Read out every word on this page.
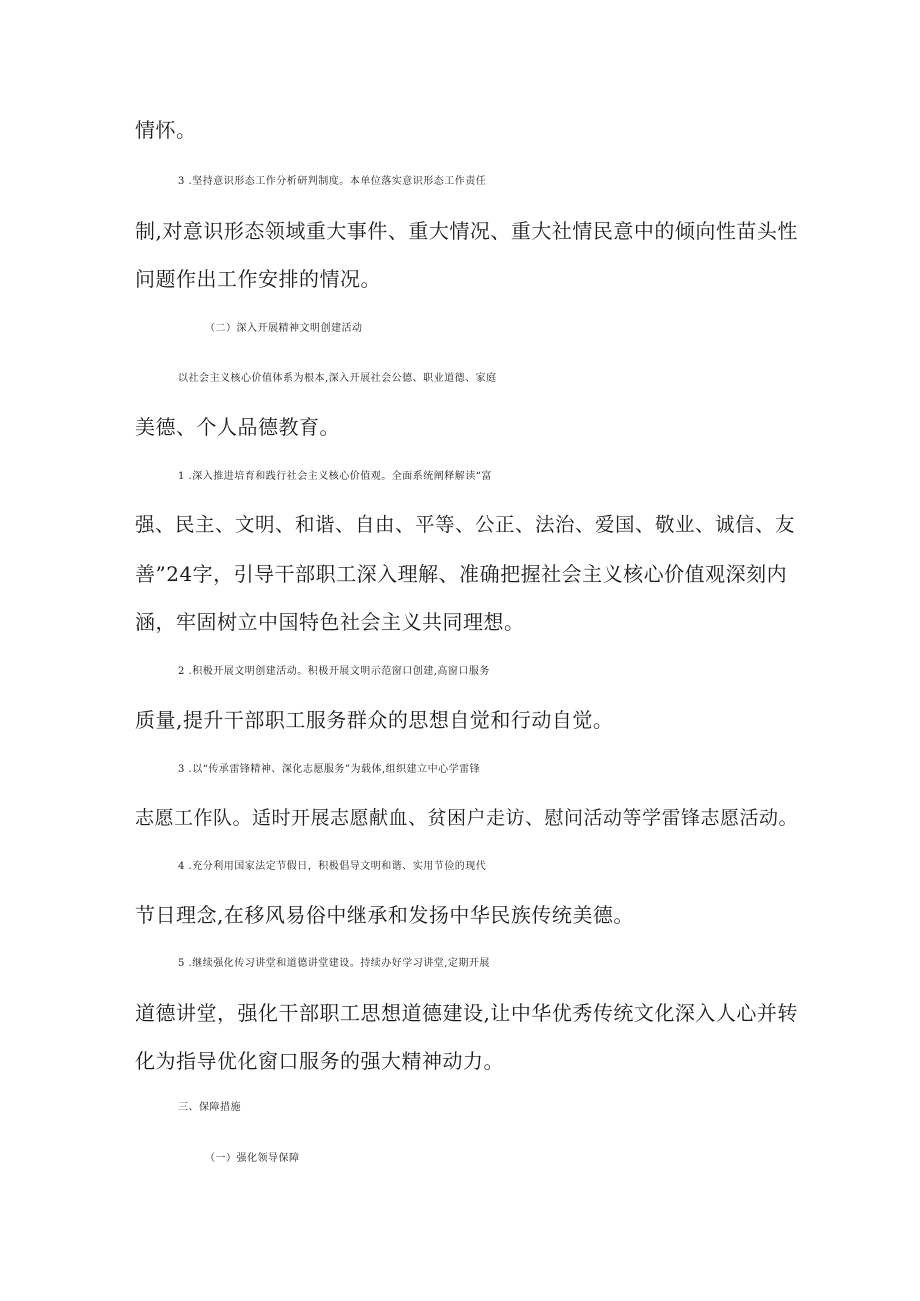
情怀。
3 .坚持意识形态工作分析研判制度。本单位落实意识形态工作责任
制,对意识形态领域重大事件、重大情况、重大社情民意中的倾向性苗头性
问题作出工作安排的情况。
（二）深入开展精神文明创建活动
以社会主义核心价值体系为根本,深入开展社会公德、职业道德、家庭
美德、个人品德教育。
1 .深入推进培育和践行社会主义核心价值观。全面系统阐释解读“富
强、民主、文明、和谐、自由、平等、公正、法治、爱国、敬业、诚信、友
善”24字，引导干部职工深入理解、准确把握社会主义核心价值观深刻内
涵，牢固树立中国特色社会主义共同理想。
2 .积极开展文明创建活动。积极开展文明示范窗口创建,高窗口服务
质量,提升干部职工服务群众的思想自觉和行动自觉。
3 .以“传承雷锋精神、深化志愿服务”为载体,组织建立中心学雷锋
志愿工作队。适时开展志愿献血、贫困户走访、慰问活动等学雷锋志愿活动。
4 .充分利用国家法定节假日，积极倡导文明和谐、实用节俭的现代
节日理念,在移风易俗中继承和发扬中华民族传统美德。
5 .继续强化传习讲堂和道德讲堂建设。持续办好学习讲堂,定期开展
道德讲堂，强化干部职工思想道德建设,让中华优秀传统文化深入人心并转
化为指导优化窗口服务的强大精神动力。
三、保障措施
（一）强化领导保障
